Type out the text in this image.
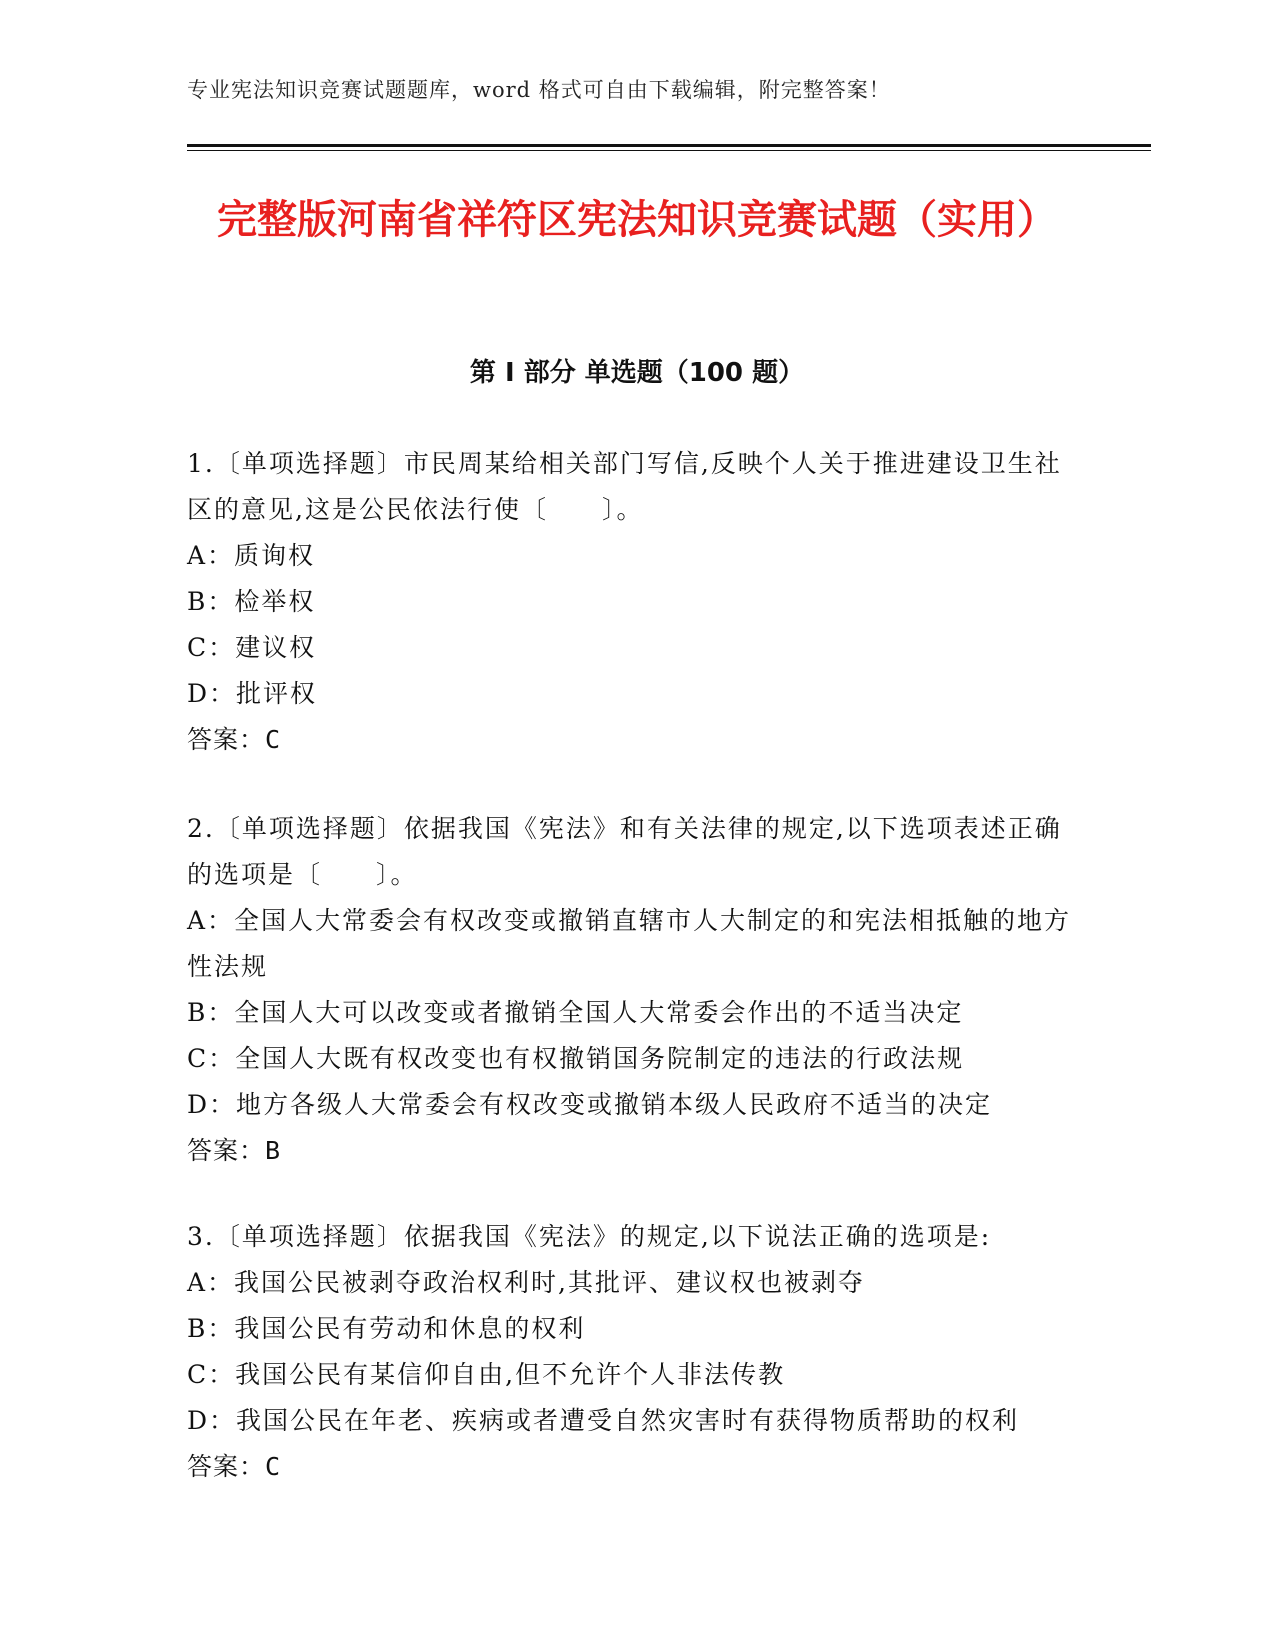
专业宪法知识竞赛试题题库，word 格式可自由下载编辑，附完整答案！
完整版河南省祥符区宪法知识竞赛试题（实用）
第 I 部分 单选题（100 题）

1.〔单项选择题〕市民周某给相关部门写信,反映个人关于推进建设卫生社区的意见,这是公民依法行使〔　　〕。

A：质询权

B：检举权

C：建议权

D：批评权

答案：C

2.〔单项选择题〕依据我国《宪法》和有关法律的规定,以下选项表述正确的选项是〔　　〕。

A：全国人大常委会有权改变或撤销直辖市人大制定的和宪法相抵触的地方性法规

B：全国人大可以改变或者撤销全国人大常委会作出的不适当决定

C：全国人大既有权改变也有权撤销国务院制定的违法的行政法规

D：地方各级人大常委会有权改变或撤销本级人民政府不适当的决定

答案：B

3.〔单项选择题〕依据我国《宪法》的规定,以下说法正确的选项是:

A：我国公民被剥夺政治权利时,其批评、建议权也被剥夺

B：我国公民有劳动和休息的权利

C：我国公民有某信仰自由,但不允许个人非法传教

D：我国公民在年老、疾病或者遭受自然灾害时有获得物质帮助的权利

答案：C
